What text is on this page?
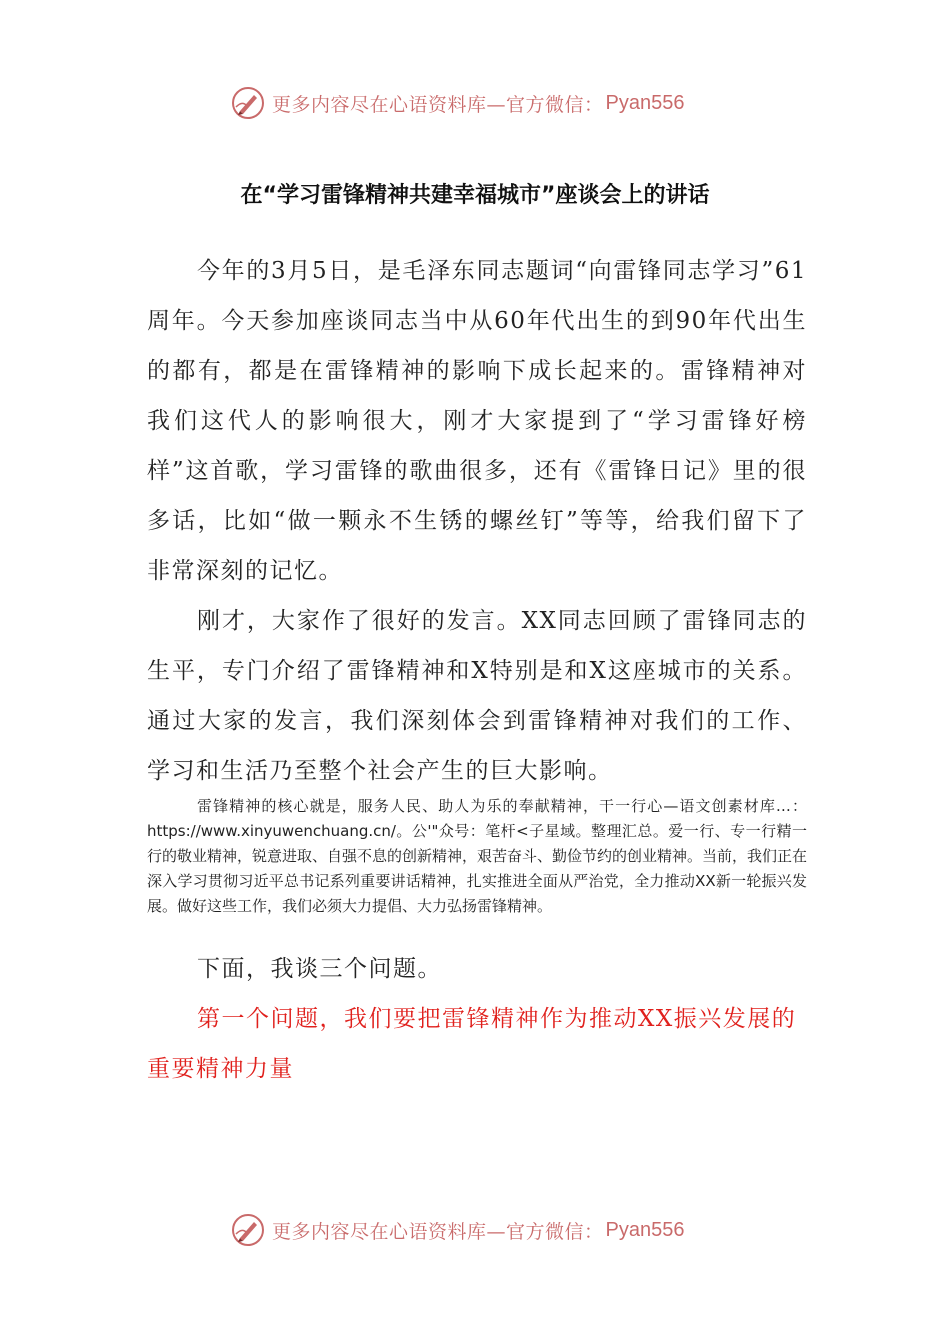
更多内容尽在心语资料库—官方微信： Pyan556
在“学习雷锋精神共建幸福城市”座谈会上的讲话

今年的3月5日，是毛泽东同志题词“向雷锋同志学习”61周年。今天参加座谈同志当中从60年代出生的到90年代出生的都有，都是在雷锋精神的影响下成长起来的。雷锋精神对我们这代人的影响很大，刚才大家提到了“学习雷锋好榜样”这首歌，学习雷锋的歌曲很多，还有《雷锋日记》里的很多话，比如“做一颗永不生锈的螺丝钉”等等，给我们留下了非常深刻的记忆。

刚才，大家作了很好的发言。XX同志回顾了雷锋同志的生平，专门介绍了雷锋精神和X特别是和X这座城市的关系。通过大家的发言，我们深刻体会到雷锋精神对我们的工作、学习和生活乃至整个社会产生的巨大影响。

雷锋精神的核心就是，服务人民、助人为乐的奉献精神，干一行心—语文创素材库…：https://www.xinyuwenchuang.cn/。公'"众号：笔杆<子星域。整理汇总。爱一行、专一行精一行的敬业精神，锐意进取、自强不息的创新精神，艰苦奋斗、勤俭节约的创业精神。当前，我们正在深入学习贯彻习近平总书记系列重要讲话精神，扎实推进全面从严治党，全力推动XX新一轮振兴发展。做好这些工作，我们必须大力提倡、大力弘扬雷锋精神。

下面，我谈三个问题。

第一个问题，我们要把雷锋精神作为推动XX振兴发展的重要精神力量

更多内容尽在心语资料库—官方微信： Pyan556
